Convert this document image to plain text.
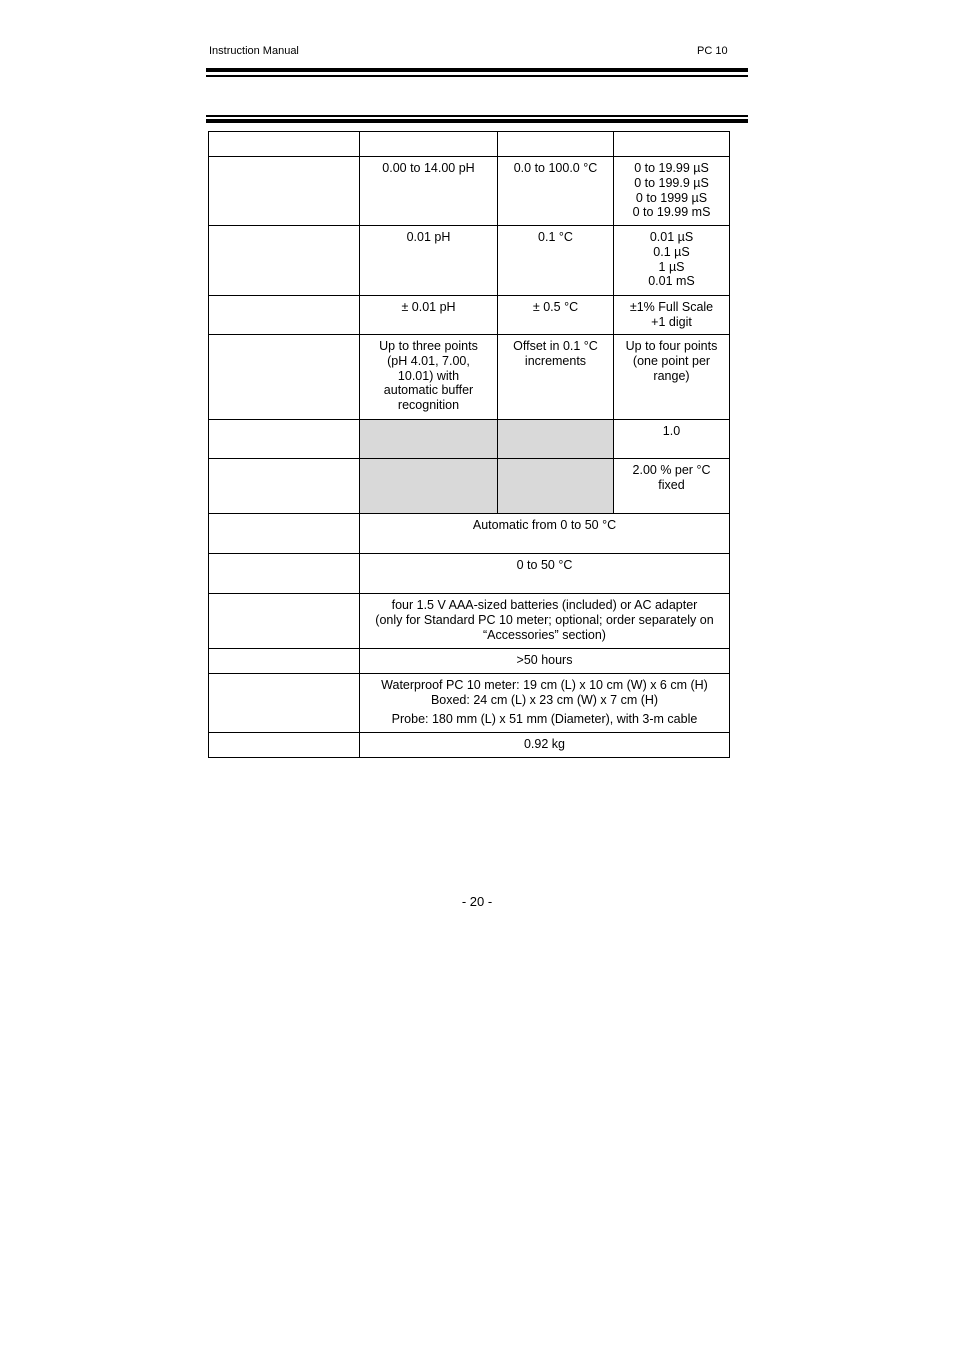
Instruction Manual	PC 10

	0.00 to 14.00 pH	0.0 to 100.0 °C	0 to 19.99 µS
0 to 199.9 µS
0 to 1999 µS
0 to 19.99 mS

	0.01 pH	0.1 °C	0.01 µS
0.1 µS
1 µS
0.01 mS

	± 0.01 pH	± 0.5 °C	±1% Full Scale
+1 digit

	Up to three points
(pH 4.01, 7.00,
10.01) with
automatic buffer
recognition	Offset in 0.1 °C
increments	Up to four points
(one point per
range)

			1.0

			2.00 % per °C
fixed

	Automatic from 0 to 50 °C		

	0 to 50 °C		

	four 1.5 V AAA-sized batteries (included) or AC adapter
(only for Standard PC 10 meter; optional; order separately on
“Accessories” section)		

	>50 hours		

	Waterproof PC 10 meter: 19 cm (L) x 10 cm (W) x 6 cm (H)
Boxed: 24 cm (L) x 23 cm (W) x 7 cm (H)
Probe: 180 mm (L) x 51 mm (Diameter), with 3-m cable		

	0.92 kg		
- 20 -
